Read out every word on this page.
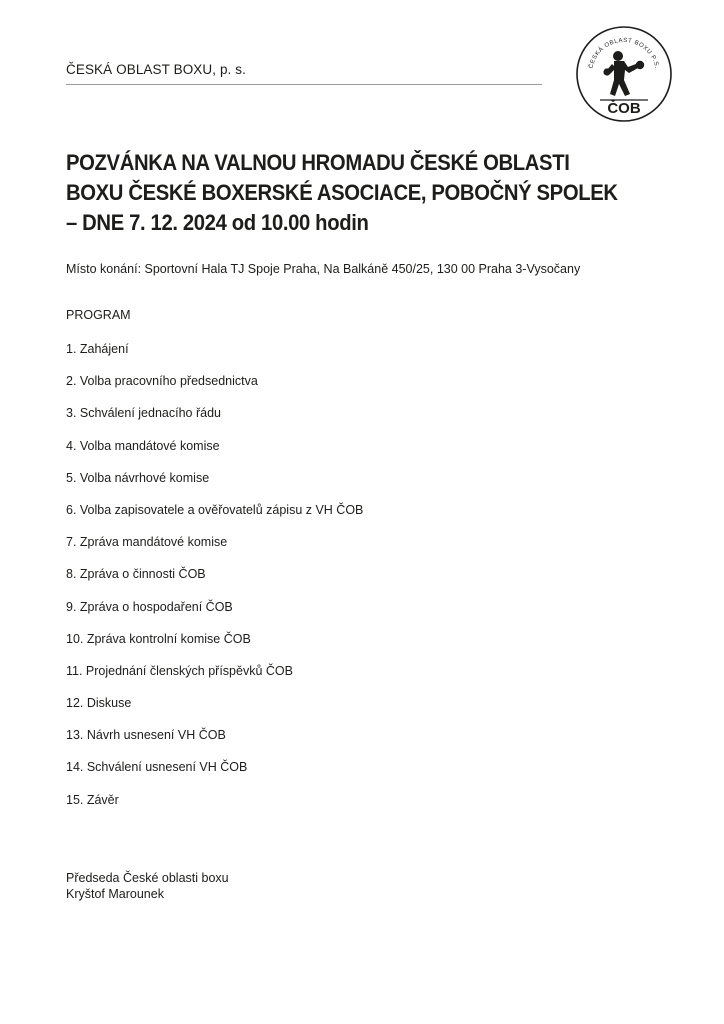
ČESKÁ OBLAST BOXU, p. s.	ČESKÁ OBLAST BOXU P.S.
ČOB
POZVÁNKA NA VALNOU HROMADU ČESKÉ OBLASTI
BOXU ČESKÉ BOXERSKÉ ASOCIACE, POBOČNÝ SPOLEK
– DNE 7. 12. 2024 od 10.00 hodin
Místo konání: Sportovní Hala TJ Spoje Praha, Na Balkáně 450/25, 130 00 Praha 3-Vysočany
PROGRAM
1. Zahájení
2. Volba pracovního předsednictva
3. Schválení jednacího řádu
4. Volba mandátové komise
5. Volba návrhové komise
6. Volba zapisovatele a ověřovatelů zápisu z VH ČOB
7. Zpráva mandátové komise
8. Zpráva o činnosti ČOB
9. Zpráva o hospodaření ČOB
10. Zpráva kontrolní komise ČOB
11. Projednání členských příspěvků ČOB
12. Diskuse
13. Návrh usnesení VH ČOB
14. Schválení usnesení VH ČOB
15. Závěr
Předseda České oblasti boxu
Kryštof Marounek
